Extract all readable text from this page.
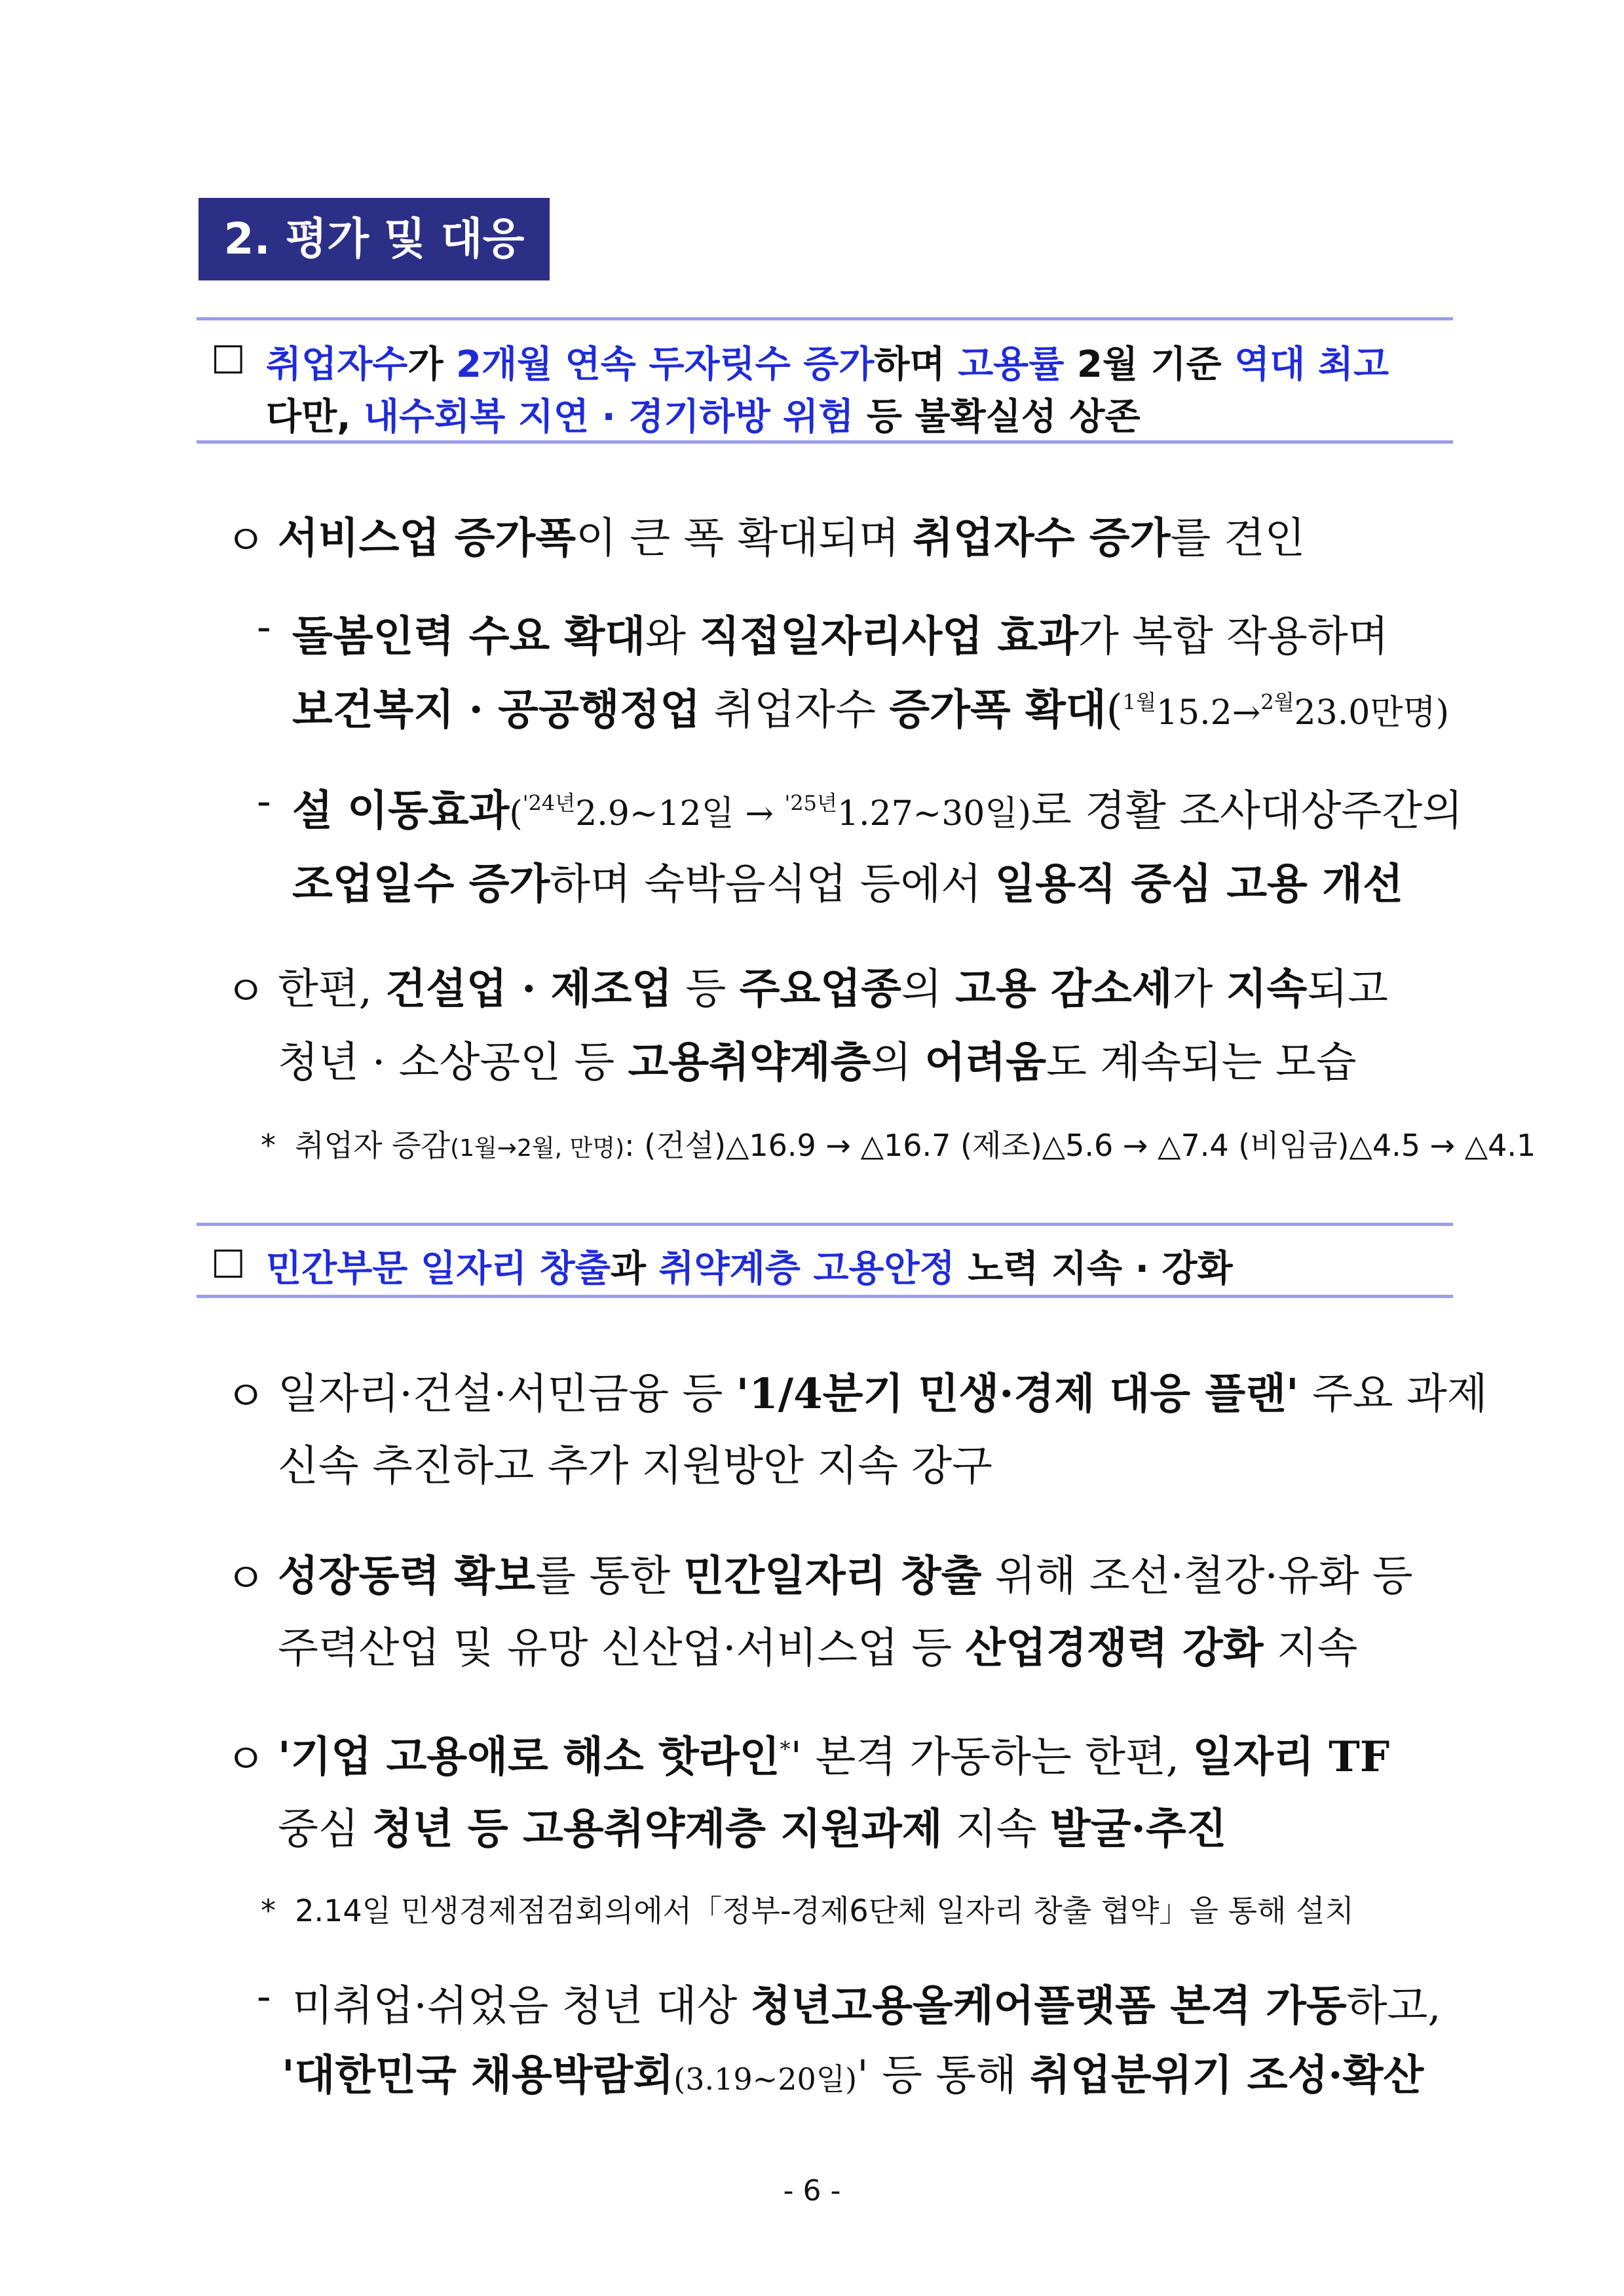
2. 평가 및 대응
□ 취업자수가 2개월 연속 두자릿수 증가하며 고용률 2월 기준 역대 최고
다만, 내수회복 지연 · 경기하방 위험 등 불확실성 상존
ㅇ 서비스업 증가폭이 큰 폭 확대되며 취업자수 증가를 견인
- 돌봄인력 수요 확대와 직접일자리사업 효과가 복합 작용하며
보건복지 · 공공행정업 취업자수 증가폭 확대($^{1월}$15.2→$^{2월}$23.0만명)
- 설 이동효과($^{'24년}$2.9~12일 → $^{'25년}$1.27~30일)로 경활 조사대상주간의
조업일수 증가하며 숙박음식업 등에서 일용직 중심 고용 개선
ㅇ 한편, 건설업 · 제조업 등 주요업종의 고용 감소세가 지속되고
청년 · 소상공인 등 고용취약계층의 어려움도 계속되는 모습
* 취업자 증감(1월→2월, 만명): (건설)△16.9 → △16.7 (제조)△5.6 → △7.4 (비임금)△4.5 → △4.1
□ 민간부문 일자리 창출과 취약계층 고용안정 노력 지속 · 강화
ㅇ 일자리·건설·서민금융 등 '1/4분기 민생·경제 대응 플랜' 주요 과제
신속 추진하고 추가 지원방안 지속 강구
ㅇ 성장동력 확보를 통한 민간일자리 창출 위해 조선·철강·유화 등
주력산업 및 유망 신산업·서비스업 등 산업경쟁력 강화 지속
ㅇ '기업 고용애로 해소 핫라인*' 본격 가동하는 한편, 일자리 TF
중심 청년 등 고용취약계층 지원과제 지속 발굴·추진
* 2.14일 민생경제점검회의에서「정부-경제6단체 일자리 창출 협약」을 통해 설치
- 미취업·쉬었음 청년 대상 청년고용올케어플랫폼 본격 가동하고,
'대한민국 채용박람회(3.19~20일)' 등 통해 취업분위기 조성·확산
- 6 -
